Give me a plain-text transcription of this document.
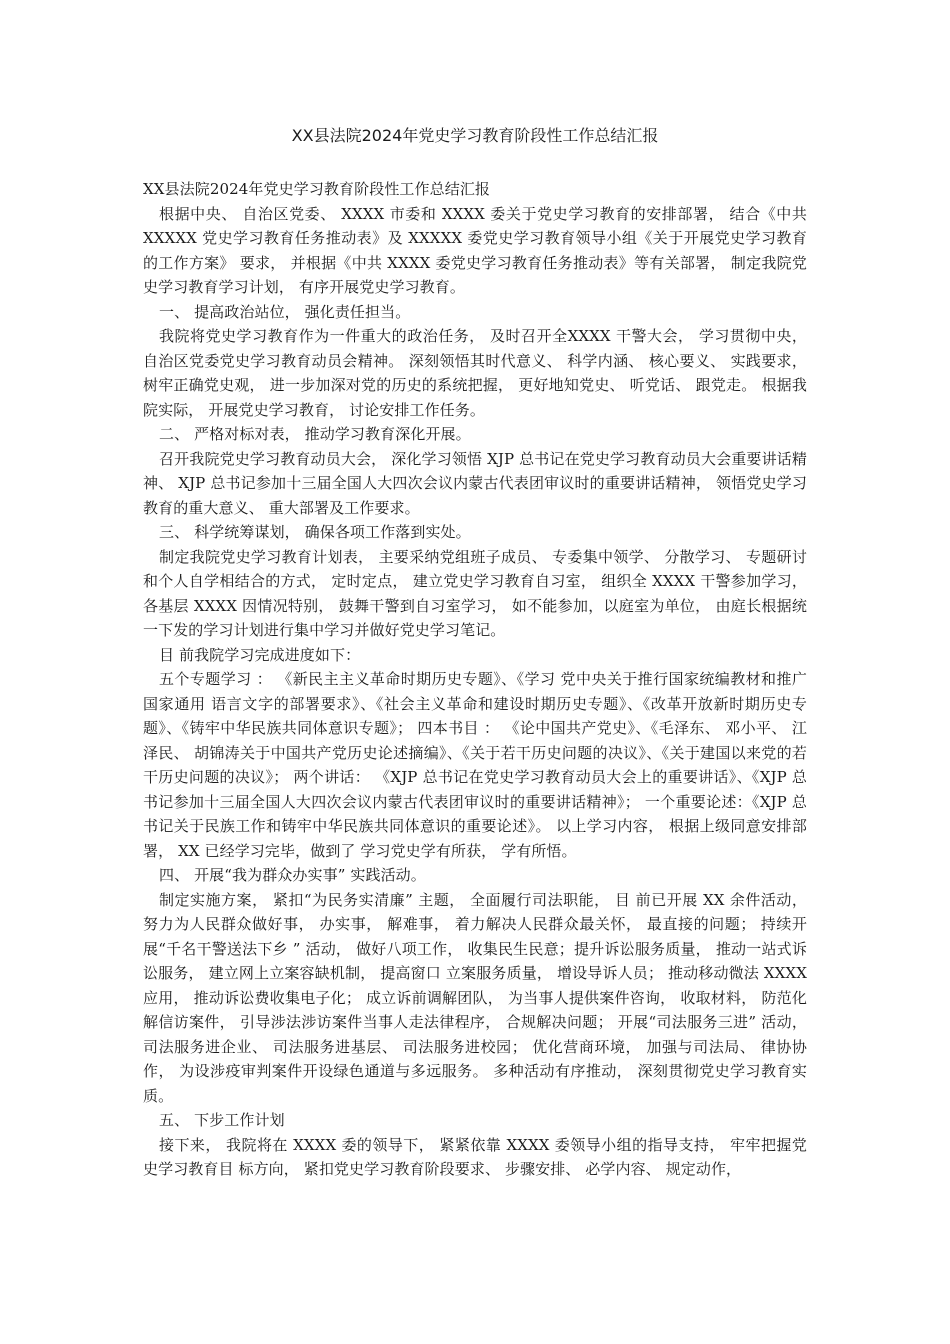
XX县法院2024年党史学习教育阶段性工作总结汇报

XX县法院2024年党史学习教育阶段性工作总结汇报

根据中央、 自治区党委、 XXXX 市委和 XXXX 委关于党史学习教育的安排部署， 结合《中共 XXXXX 党史学习教育任务推动表》及 XXXXX 委党史学习教育领导小组《关于开展党史学习教育的工作方案》 要求， 并根据《中共 XXXX 委党史学习教育任务推动表》等有关部署， 制定我院党史学习教育学习计划， 有序开展党史学习教育。

一、 提高政治站位， 强化责任担当。

我院将党史学习教育作为一件重大的政治任务， 及时召开全XXXX 干警大会， 学习贯彻中央， 自治区党委党史学习教育动员会精神。 深刻领悟其时代意义、 科学内涵、 核心要义、 实践要求，树牢正确党史观， 进一步加深对党的历史的系统把握， 更好地知党史、 听党话、 跟党走。 根据我院实际， 开展党史学习教育， 讨论安排工作任务。

二、 严格对标对表， 推动学习教育深化开展。

召开我院党史学习教育动员大会， 深化学习领悟 XJP 总书记在党史学习教育动员大会重要讲话精神、 XJP 总书记参加十三届全国人大四次会议内蒙古代表团审议时的重要讲话精神， 领悟党史学习教育的重大意义、 重大部署及工作要求。

三、 科学统筹谋划， 确保各项工作落到实处。

制定我院党史学习教育计划表， 主要采纳党组班子成员、 专委集中领学、 分散学习、 专题研讨和个人自学相结合的方式， 定时定点， 建立党史学习教育自习室， 组织全 XXXX 干警参加学习，各基层 XXXX 因情况特别， 鼓舞干警到自习室学习， 如不能参加，以庭室为单位， 由庭长根据统一下发的学习计划进行集中学习并做好党史学习笔记。

目 前我院学习完成进度如下：

五个专题学习 ： 《新民主主义革命时期历史专题》、《学习 党中央关于推行国家统编教材和推广国家通用 语言文字的部署要求》、《社会主义革命和建设时期历史专题》、《改革开放新时期历史专题》、《铸牢中华民族共同体意识专题》； 四本书目 ： 《论中国共产党史》、《毛泽东、 邓小平、 江泽民、 胡锦涛关于中国共产党历史论述摘编》、《关于若干历史问题的决议》、《关于建国以来党的若干历史问题的决议》； 两个讲话： 《XJP 总书记在党史学习教育动员大会上的重要讲话》、《XJP 总书记参加十三届全国人大四次会议内蒙古代表团审议时的重要讲话精神》； 一个重要论述：《XJP 总书记关于民族工作和铸牢中华民族共同体意识的重要论述》。 以上学习内容， 根据上级同意安排部署， XX 已经学习完毕，做到了 学习党史学有所获， 学有所悟。

四、 开展“我为群众办实事” 实践活动。

制定实施方案， 紧扣“为民务实清廉” 主题， 全面履行司法职能， 目 前已开展 XX 余件活动， 努力为人民群众做好事， 办实事， 解难事， 着力解决人民群众最关怀， 最直接的问题； 持续开展“千名干警送法下乡 ” 活动， 做好八项工作， 收集民生民意；提升诉讼服务质量， 推动一站式诉讼服务， 建立网上立案容缺机制， 提高窗口 立案服务质量， 增设导诉人员； 推动移动微法 XXXX应用， 推动诉讼费收集电子化； 成立诉前调解团队， 为当事人提供案件咨询， 收取材料， 防范化解信访案件， 引导涉法涉访案件当事人走法律程序， 合规解决问题； 开展“司法服务三进” 活动，司法服务进企业、 司法服务进基层、 司法服务进校园； 优化营商环境， 加强与司法局、 律协协作， 为设涉疫审判案件开设绿色通道与多远服务。 多种活动有序推动， 深刻贯彻党史学习教育实质。

五、 下步工作计划

接下来， 我院将在 XXXX 委的领导下， 紧紧依靠 XXXX 委领导小组的指导支持， 牢牢把握党史学习教育目 标方向， 紧扣党史学习教育阶段要求、 步骤安排、 必学内容、 规定动作，
